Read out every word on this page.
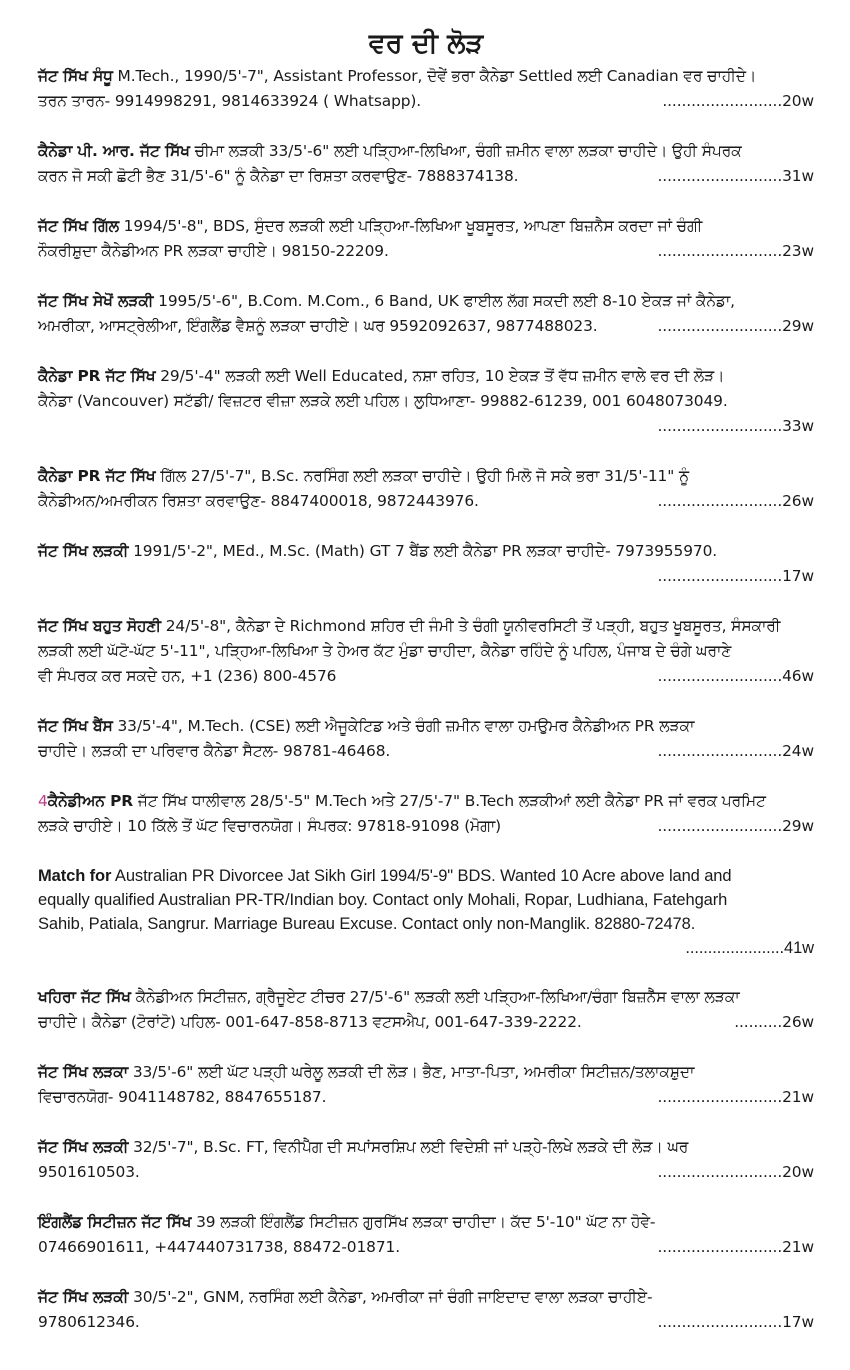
ਵਰ ਦੀ ਲੋੜ
ਜੱਟ ਸਿੱਖ ਸੰਧੂ M.Tech., 1990/5'-7", Assistant Professor, ਦੋਵੇਂ ਭਰਾ ਕੈਨੇਡਾ Settled ਲਈ Canadian ਵਰ ਚਾਹੀਦੇ।
ਤਰਨ ਤਾਰਨ- 9914998291, 9814633924 ( Whatsapp).	.........................20w
ਕੈਨੇਡਾ ਪੀ. ਆਰ. ਜੱਟ ਸਿੱਖ ਚੀਮਾ ਲੜਕੀ 33/5'-6" ਲਈ ਪੜ੍ਹਿਆ-ਲਿਖਿਆ, ਚੰਗੀ ਜ਼ਮੀਨ ਵਾਲਾ ਲੜਕਾ ਚਾਹੀਦੇ। ਉਹੀ ਸੰਪਰਕ
ਕਰਨ ਜੋ ਸਕੀ ਛੋਟੀ ਭੈਣ 31/5'-6" ਨੂੰ ਕੈਨੇਡਾ ਦਾ ਰਿਸ਼ਤਾ ਕਰਵਾਉਣ- 7888374138.	..........................31w
ਜੱਟ ਸਿੱਖ ਗਿੱਲ 1994/5'-8", BDS, ਸੁੰਦਰ ਲੜਕੀ ਲਈ ਪੜ੍ਹਿਆ-ਲਿਖਿਆ ਖੂਬਸੂਰਤ, ਆਪਣਾ ਬਿਜ਼ਨੈਸ ਕਰਦਾ ਜਾਂ ਚੰਗੀ
ਨੌਕਰੀਸ਼ੁਦਾ ਕੈਨੇਡੀਅਨ PR ਲੜਕਾ ਚਾਹੀਏ। 98150-22209.	..........................23w
ਜੱਟ ਸਿੱਖ ਸੇਖੋਂ ਲੜਕੀ 1995/5'-6", B.Com. M.Com., 6 Band, UK ਫਾਈਲ ਲੱਗ ਸਕਦੀ ਲਈ 8-10 ਏਕੜ ਜਾਂ ਕੈਨੇਡਾ,
ਅਮਰੀਕਾ, ਆਸਟ੍ਰੇਲੀਆ, ਇੰਗਲੈਂਡ ਵੈਸ਼ਨੂੰ ਲੜਕਾ ਚਾਹੀਏ। ਘਰ 9592092637, 9877488023.	..........................29w
ਕੈਨੇਡਾ PR ਜੱਟ ਸਿੱਖ 29/5'-4" ਲੜਕੀ ਲਈ Well Educated, ਨਸ਼ਾ ਰਹਿਤ, 10 ਏਕੜ ਤੋਂ ਵੱਧ ਜ਼ਮੀਨ ਵਾਲੇ ਵਰ ਦੀ ਲੋੜ।
ਕੈਨੇਡਾ (Vancouver) ਸਟੱਡੀ/ ਵਿਜ਼ਟਰ ਵੀਜ਼ਾ ਲੜਕੇ ਲਈ ਪਹਿਲ। ਲੁਧਿਆਣਾ- 99882-61239, 001 6048073049.
..........................33w
ਕੈਨੇਡਾ PR ਜੱਟ ਸਿੱਖ ਗਿੱਲ 27/5'-7", B.Sc. ਨਰਸਿੰਗ ਲਈ ਲੜਕਾ ਚਾਹੀਦੇ। ਉਹੀ ਮਿਲੋ ਜੋ ਸਕੇ ਭਰਾ 31/5'-11" ਨੂੰ
ਕੈਨੇਡੀਅਨ/ਅਮਰੀਕਨ ਰਿਸ਼ਤਾ ਕਰਵਾਉਣ- 8847400018, 9872443976.	..........................26w
ਜੱਟ ਸਿੱਖ ਲੜਕੀ 1991/5'-2", MEd., M.Sc. (Math) GT 7 ਬੈਂਡ ਲਈ ਕੈਨੇਡਾ PR ਲੜਕਾ ਚਾਹੀਦੇ- 7973955970.
..........................17w
ਜੱਟ ਸਿੱਖ ਬਹੁਤ ਸੋਹਣੀ 24/5'-8", ਕੈਨੇਡਾ ਦੇ Richmond ਸ਼ਹਿਰ ਦੀ ਜੰਮੀ ਤੇ ਚੰਗੀ ਯੂਨੀਵਰਸਿਟੀ ਤੋਂ ਪੜ੍ਹੀ, ਬਹੁਤ ਖੂਬਸੂਰਤ, ਸੰਸਕਾਰੀ
ਲੜਕੀ ਲਈ ਘੱਟੋ-ਘੱਟ 5'-11", ਪੜ੍ਹਿਆ-ਲਿਖਿਆ ਤੇ ਹੇਅਰ ਕੱਟ ਮੁੰਡਾ ਚਾਹੀਦਾ, ਕੈਨੇਡਾ ਰਹਿੰਦੇ ਨੂੰ ਪਹਿਲ, ਪੰਜਾਬ ਦੇ ਚੰਗੇ ਘਰਾਣੇ
ਵੀ ਸੰਪਰਕ ਕਰ ਸਕਦੇ ਹਨ, +1 (236) 800-4576	..........................46w
ਜੱਟ ਸਿੱਖ ਬੈਂਸ 33/5'-4", M.Tech. (CSE) ਲਈ ਐਜੂਕੇਟਿਡ ਅਤੇ ਚੰਗੀ ਜ਼ਮੀਨ ਵਾਲਾ ਹਮਉਮਰ ਕੈਨੇਡੀਅਨ PR ਲੜਕਾ
ਚਾਹੀਦੇ। ਲੜਕੀ ਦਾ ਪਰਿਵਾਰ ਕੈਨੇਡਾ ਸੈਟਲ- 98781-46468.	..........................24w
4ਕੈਨੇਡੀਅਨ PR ਜੱਟ ਸਿੱਖ ਧਾਲੀਵਾਲ 28/5'-5" M.Tech ਅਤੇ 27/5'-7" B.Tech ਲੜਕੀਆਂ ਲਈ ਕੈਨੇਡਾ PR ਜਾਂ ਵਰਕ ਪਰਮਿਟ
ਲੜਕੇ ਚਾਹੀਏ। 10 ਕਿੱਲੇ ਤੋਂ ਘੱਟ ਵਿਚਾਰਨਯੋਗ। ਸੰਪਰਕ: 97818-91098 (ਮੋਗਾ)	..........................29w
Match for Australian PR Divorcee Jat Sikh Girl 1994/5'-9" BDS. Wanted 10 Acre above land and
equally qualified Australian PR-TR/Indian boy. Contact only Mohali, Ropar, Ludhiana, Fatehgarh
Sahib, Patiala, Sangrur. Marriage Bureau Excuse. Contact only non-Manglik. 82880-72478.
......................41w
ਖਹਿਰਾ ਜੱਟ ਸਿੱਖ ਕੈਨੇਡੀਅਨ ਸਿਟੀਜ਼ਨ, ਗ੍ਰੈਜੂਏਟ ਟੀਚਰ 27/5'-6" ਲੜਕੀ ਲਈ ਪੜ੍ਹਿਆ-ਲਿਖਿਆ/ਚੰਗਾ ਬਿਜ਼ਨੈੱਸ ਵਾਲਾ ਲੜਕਾ
ਚਾਹੀਦੇ। ਕੈਨੇਡਾ (ਟੋਰਾਂਟੋ) ਪਹਿਲ- 001-647-858-8713 ਵਟਸਐਪ, 001-647-339-2222.	..........26w
ਜੱਟ ਸਿੱਖ ਲੜਕਾ 33/5'-6" ਲਈ ਘੱਟ ਪੜ੍ਹੀ ਘਰੇਲੂ ਲੜਕੀ ਦੀ ਲੋੜ। ਭੈਣ, ਮਾਤਾ-ਪਿਤਾ, ਅਮਰੀਕਾ ਸਿਟੀਜ਼ਨ/ਤਲਾਕਸ਼ੁਦਾ
ਵਿਚਾਰਨਯੋਗ- 9041148782, 8847655187.	..........................21w
ਜੱਟ ਸਿੱਖ ਲੜਕੀ 32/5'-7", B.Sc. FT, ਵਿਨੀਪੈੱਗ ਦੀ ਸਪਾਂਸਰਸ਼ਿਪ ਲਈ ਵਿਦੇਸ਼ੀ ਜਾਂ ਪੜ੍ਹੇ-ਲਿਖੇ ਲੜਕੇ ਦੀ ਲੋੜ। ਘਰ
9501610503.	..........................20w
ਇੰਗਲੈਂਡ ਸਿਟੀਜ਼ਨ ਜੱਟ ਸਿੱਖ 39 ਲੜਕੀ ਇੰਗਲੈਂਡ ਸਿਟੀਜ਼ਨ ਗੁਰਸਿੱਖ ਲੜਕਾ ਚਾਹੀਦਾ। ਕੱਦ 5'-10" ਘੱਟ ਨਾ ਹੋਵੇ-
07466901611, +447440731738, 88472-01871.	..........................21w
ਜੱਟ ਸਿੱਖ ਲੜਕੀ 30/5'-2", GNM, ਨਰਸਿੰਗ ਲਈ ਕੈਨੇਡਾ, ਅਮਰੀਕਾ ਜਾਂ ਚੰਗੀ ਜਾਇਦਾਦ ਵਾਲਾ ਲੜਕਾ ਚਾਹੀਏ-
9780612346.	..........................17w
